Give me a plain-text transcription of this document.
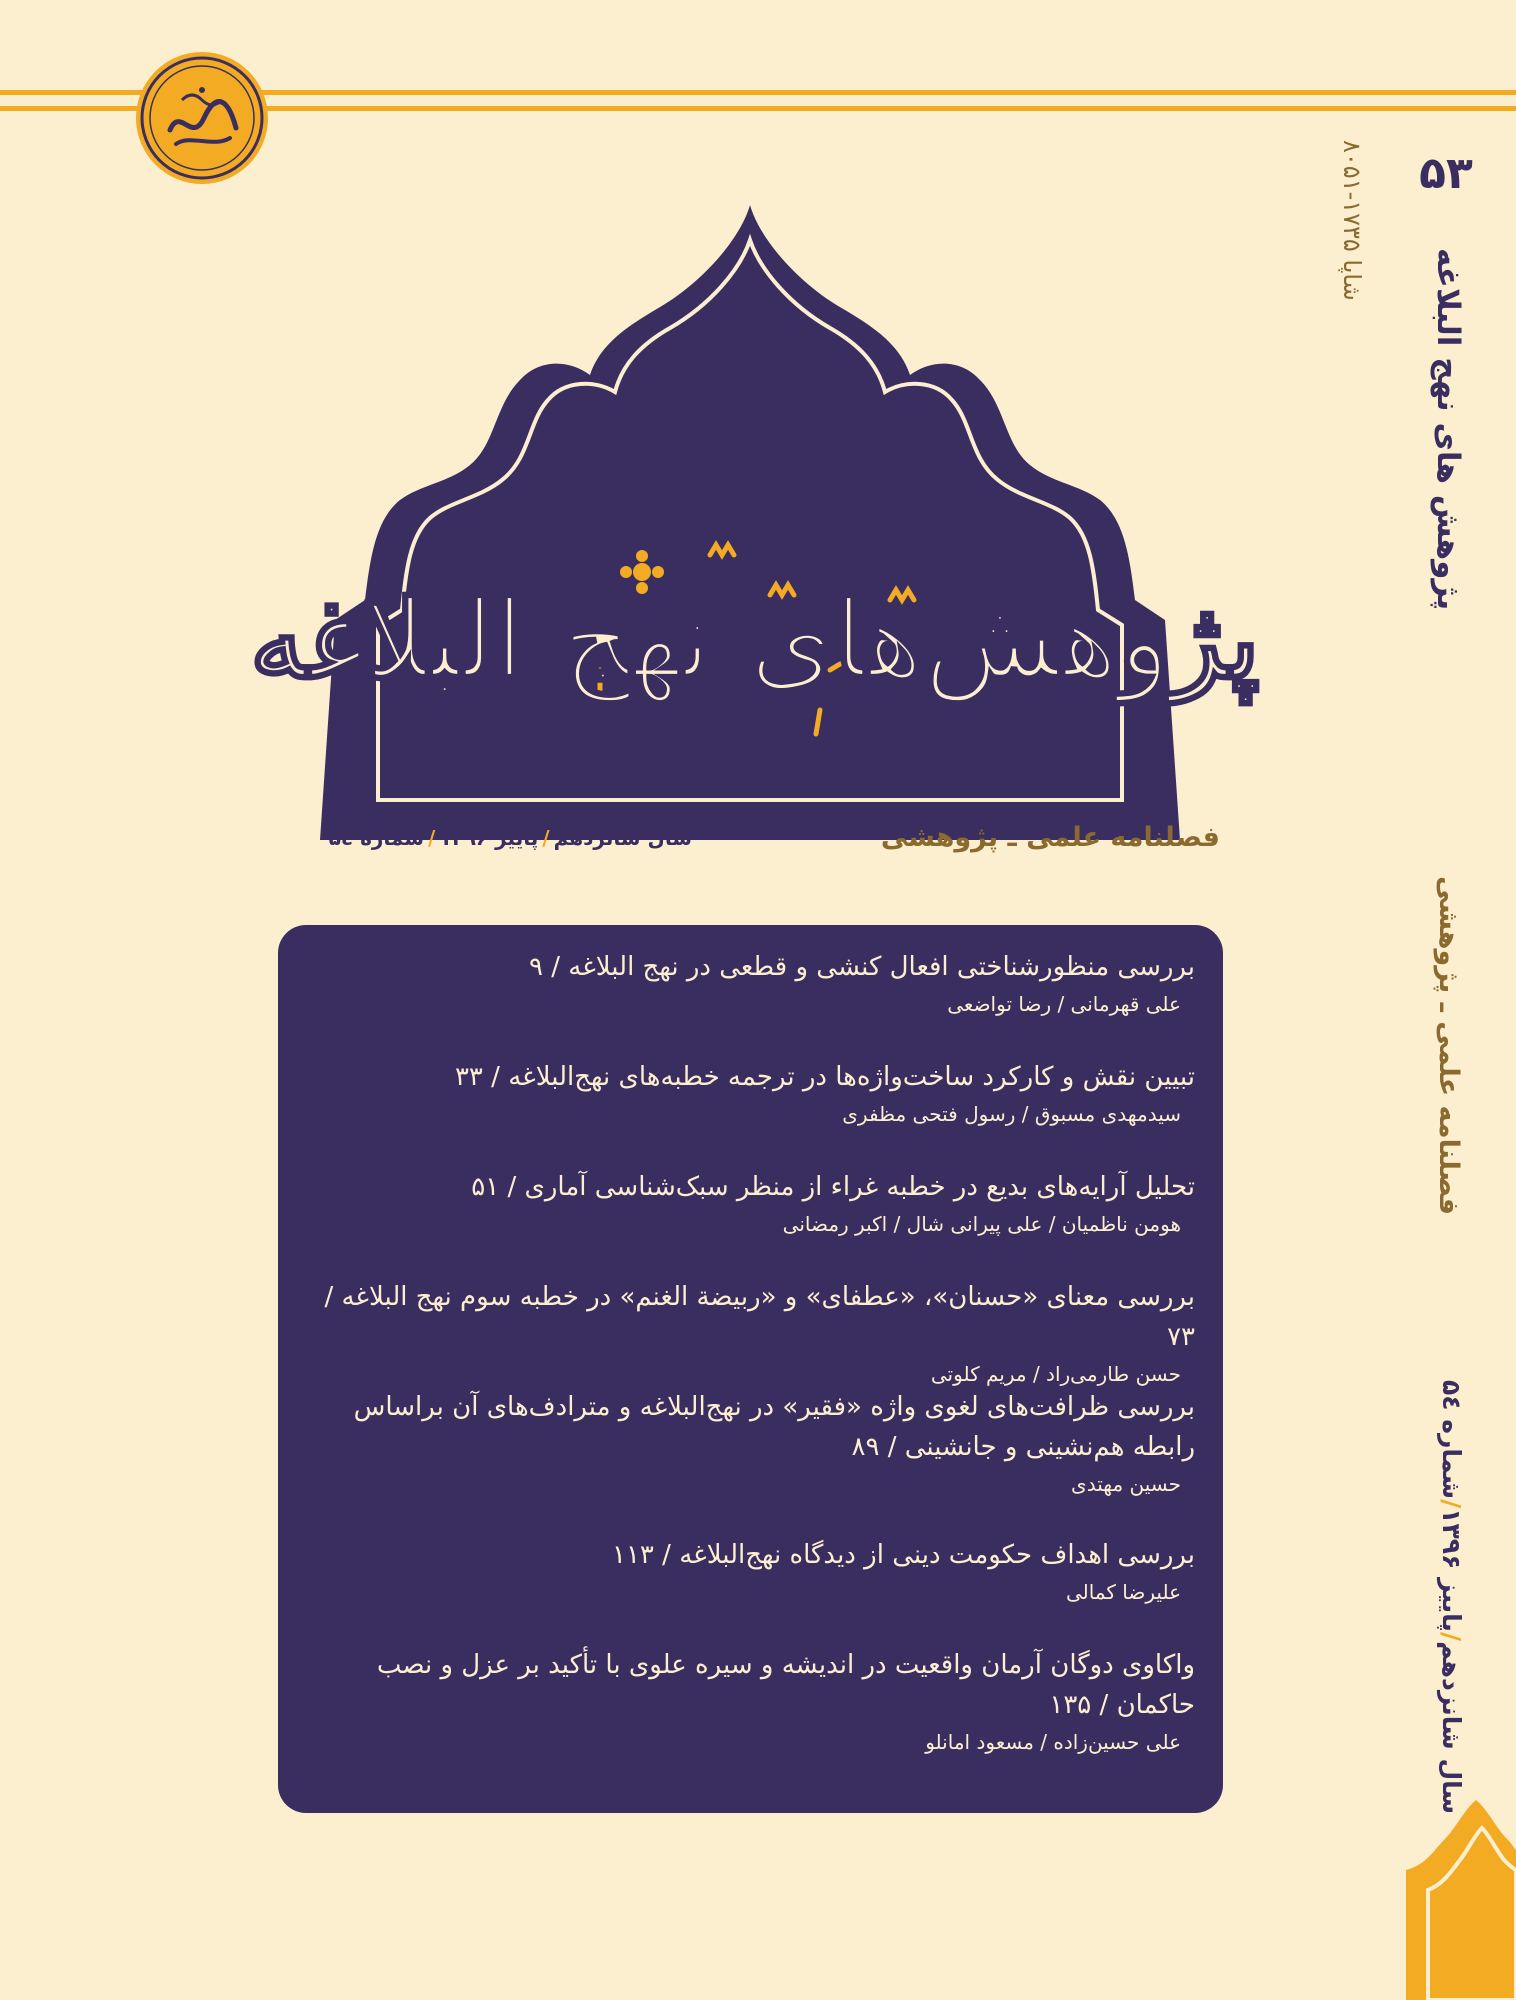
پژوهش‌های نهج البلاغه
فصلنامه علمی ـ پژوهشی
سال شانزدهم/پاییز ۱۳۹۶/شماره ۵٤
شاپا ۱۷۳۵-۸۰۵۱
۵۳
پژوهش های نهج البلاغه
فصلنامه علمی ـ پژوهشی
سال شانزدهم/پاییز ۱۳۹۶/شماره ۵٤
بررسی منظورشناختی افعال کنشی و قطعی در نهج البلاغه / ۹
علی قهرمانی / رضا تواضعی
تبیین نقش و کارکرد ساخت‌واژه‌ها در ترجمه خطبه‌های نهج‌البلاغه / ۳۳
سیدمهدی مسبوق / رسول فتحی مظفری
تحلیل آرایه‌های بدیع در خطبه غراء از منظر سبک‌شناسی آماری / ۵۱
هومن ناظمیان / علی پیرانی شال / اکبر رمضانی
بررسی معنای «حسنان»، «عطفای» و «ربیضة الغنم» در خطبه سوم نهج البلاغه / ۷۳
حسن طارمی‌راد / مریم کلوتی
بررسی ظرافت‌های لغوی واژه «فقیر» در نهج‌البلاغه و مترادف‌های آن براساس رابطه هم‌نشینی و جانشینی / ۸۹
حسین مهتدی
بررسی اهداف حکومت دینی از دیدگاه نهج‌البلاغه / ۱۱۳
علیرضا کمالی
واکاوی دوگان آرمان واقعیت در اندیشه و سیره علوی با تأکید بر عزل و نصب حاکمان / ۱۳۵
علی حسین‌زاده / مسعود امانلو
